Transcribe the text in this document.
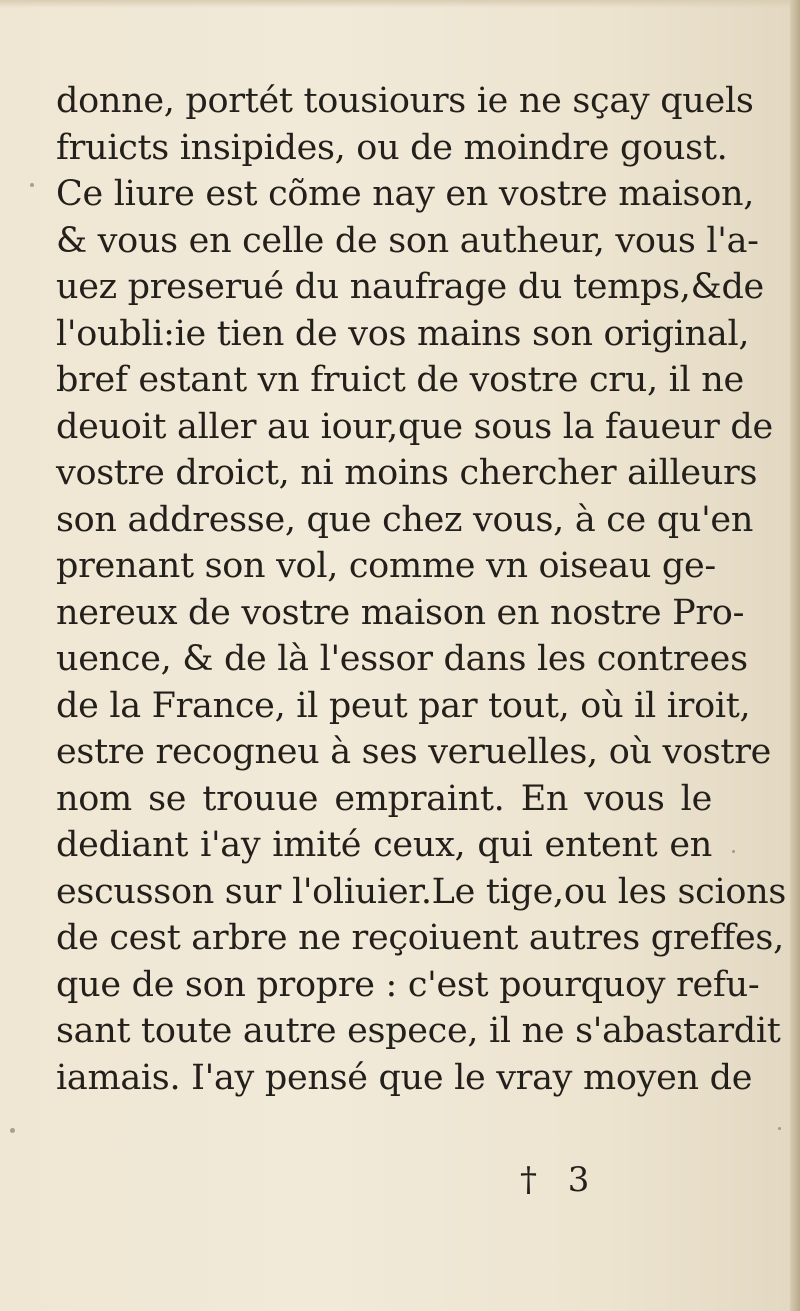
donne, portét tousiours ie ne sçay quels
fruicts insipides, ou de moindre goust.
Ce liure est cõme nay en vostre maison,
& vous en celle de son autheur, vous l'a-
uez preserué du naufrage du temps,&de
l'oubli:ie tien de vos mains son original,
bref estant vn fruict de vostre cru, il ne
deuoit aller au iour,que sous la faueur de
vostre droict, ni moins chercher ailleurs
son addresse, que chez vous, à ce qu'en
prenant son vol, comme vn oiseau ge-
nereux de vostre maison en nostre Pro-
uence, & de là l'essor dans les contrees
de la France, il peut par tout, où il iroit,
estre recogneu à ses veruelles, où vostre
nom se trouue empraint. En vous le
dediant i'ay imité ceux, qui entent en
escusson sur l'oliuier.Le tige,ou les scions
de cest arbre ne reçoiuent autres greffes,
que de son propre : c'est pourquoy refu-
sant toute autre espece, il ne s'abastardit
iamais. I'ay pensé que le vray moyen de
† 3
